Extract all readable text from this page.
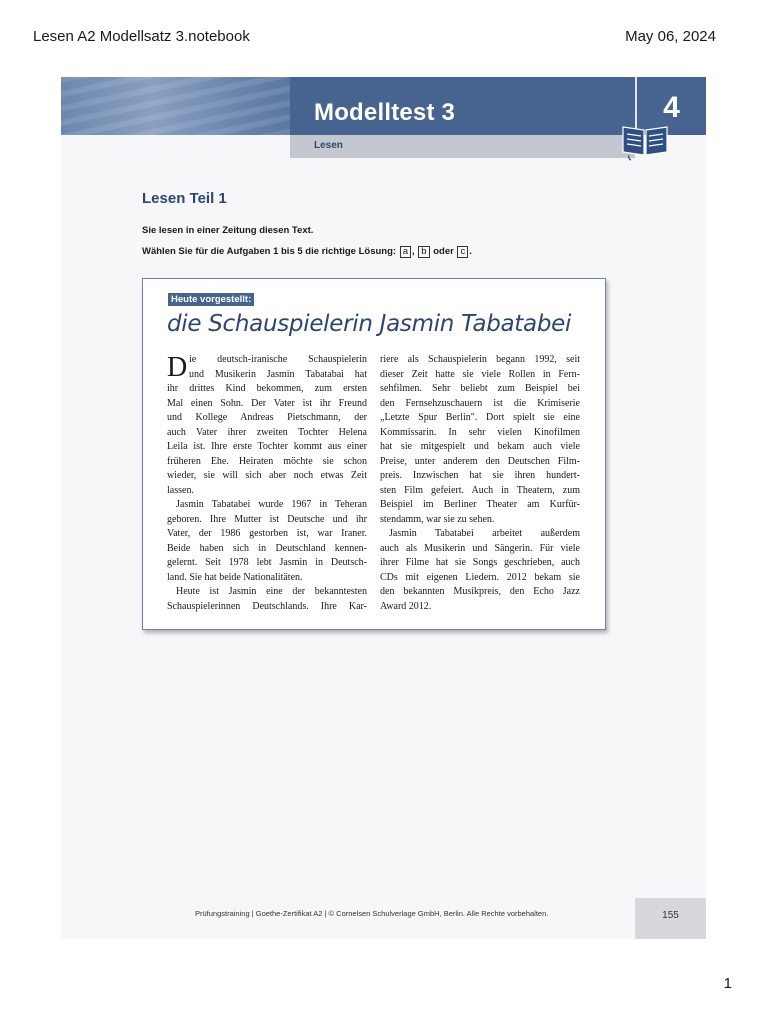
Lesen A2 Modellsatz 3.notebook	May 06, 2024
Modelltest 3	4
Lesen
Lesen Teil 1
Sie lesen in einer Zeitung diesen Text.
Wählen Sie für die Aufgaben 1 bis 5 die richtige Lösung: a , b oder c .
Heute vorgestellt:
die Schauspielerin Jasmin Tabatabei
D ie deutsch-iranische Schauspielerin
und Musikerin Jasmin Tabatabai hat
ihr drittes Kind bekommen, zum ersten
Mal einen Sohn. Der Vater ist ihr Freund
und Kollege Andreas Pietschmann, der
auch Vater ihrer zweiten Tochter Helena
Leila ist. Ihre erste Tochter kommt aus einer
früheren Ehe. Heiraten möchte sie schon
wieder, sie will sich aber noch etwas Zeit
lassen.
Jasmin Tabatabei wurde 1967 in Teheran
geboren. Ihre Mutter ist Deutsche und ihr
Vater, der 1986 gestorben ist, war Iraner.
Beide haben sich in Deutschland kennen-
gelernt. Seit 1978 lebt Jasmin in Deutsch-
land. Sie hat beide Nationalitäten.
Heute ist Jasmin eine der bekanntesten
Schauspielerinnen Deutschlands. Ihre Kar-
riere als Schauspielerin begann 1992, seit
dieser Zeit hatte sie viele Rollen in Fern-
sehfilmen. Sehr beliebt zum Beispiel bei
den Fernsehzuschauern ist die Krimiserie
„Letzte Spur Berlin". Dort spielt sie eine
Kommissarin. In sehr vielen Kinofilmen
hat sie mitgespielt und bekam auch viele
Preise, unter anderem den Deutschen Film-
preis. Inzwischen hat sie ihren hundert-
sten Film gefeiert. Auch in Theatern, zum
Beispiel im Berliner Theater am Kurfür-
stendamm, war sie zu sehen.
Jasmin Tabatabei arbeitet außerdem
auch als Musikerin und Sängerin. Für viele
ihrer Filme hat sie Songs geschrieben, auch
CDs mit eigenen Liedern. 2012 bekam sie
den bekannten Musikpreis, den Echo Jazz
Award 2012.
Prüfungstraining | Goethe-Zertifikat A2 | © Cornelsen Schulverlage GmbH, Berlin. Alle Rechte vorbehalten.	155
1
